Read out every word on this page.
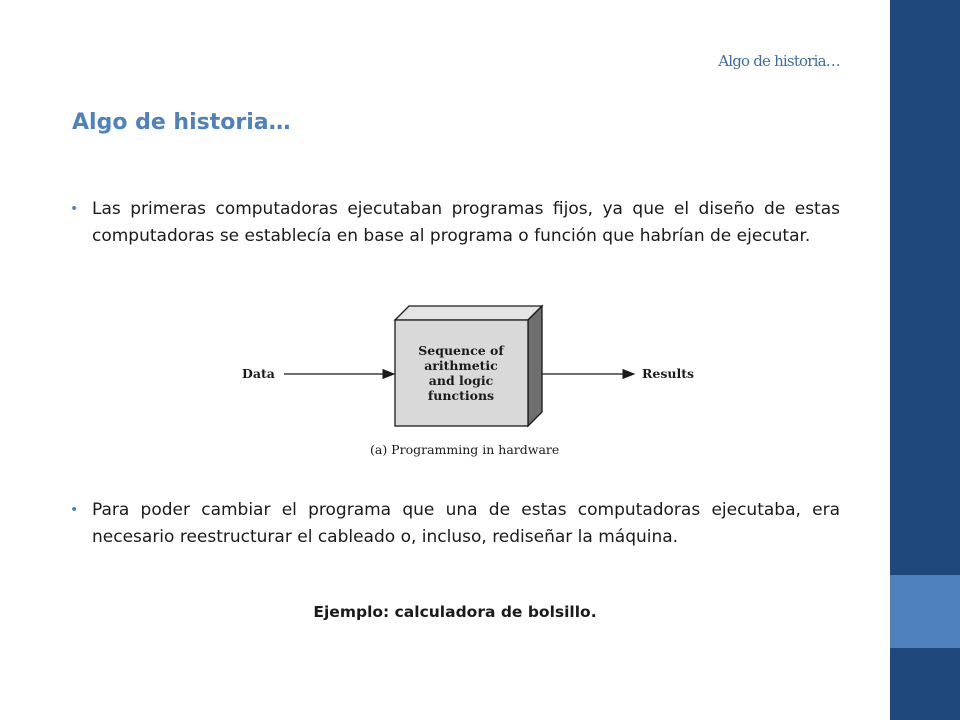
Algo de historia…
Algo de historia…
• Las primeras computadoras ejecutaban programas fijos, ya que el diseño de estas computadoras se establecía en base al programa o función que habrían de ejecutar.
Data
Sequence of
arithmetic
and logic
functions
Results
(a) Programming in hardware
• Para poder cambiar el programa que una de estas computadoras ejecutaba, era necesario reestructurar el cableado o, incluso, rediseñar la máquina.
Ejemplo: calculadora de bolsillo.
